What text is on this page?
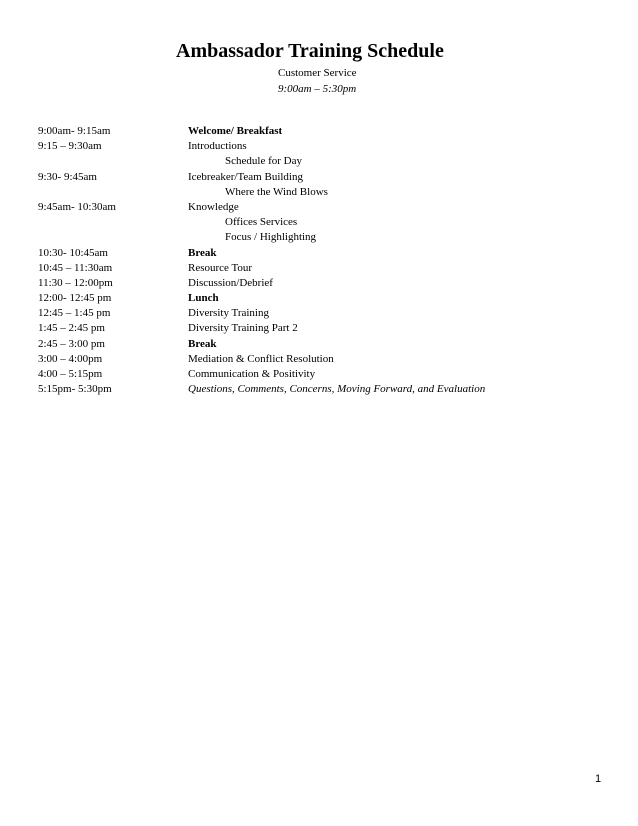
Ambassador Training Schedule
Customer Service
9:00am – 5:30pm
9:00am- 9:15am	Welcome/ Breakfast
9:15 – 9:30am	Introductions
Schedule for Day
9:30- 9:45am	Icebreaker/Team Building
Where the Wind Blows
9:45am- 10:30am	Knowledge
Offices Services
Focus / Highlighting
10:30- 10:45am	Break
10:45 – 11:30am	Resource Tour
11:30 – 12:00pm	Discussion/Debrief
12:00- 12:45 pm	Lunch
12:45 – 1:45 pm	Diversity Training
1:45 – 2:45 pm	Diversity Training Part 2
2:45 – 3:00 pm	Break
3:00 – 4:00pm	Mediation & Conflict Resolution
4:00 – 5:15pm	Communication & Positivity
5:15pm- 5:30pm	Questions, Comments, Concerns, Moving Forward, and Evaluation
1
